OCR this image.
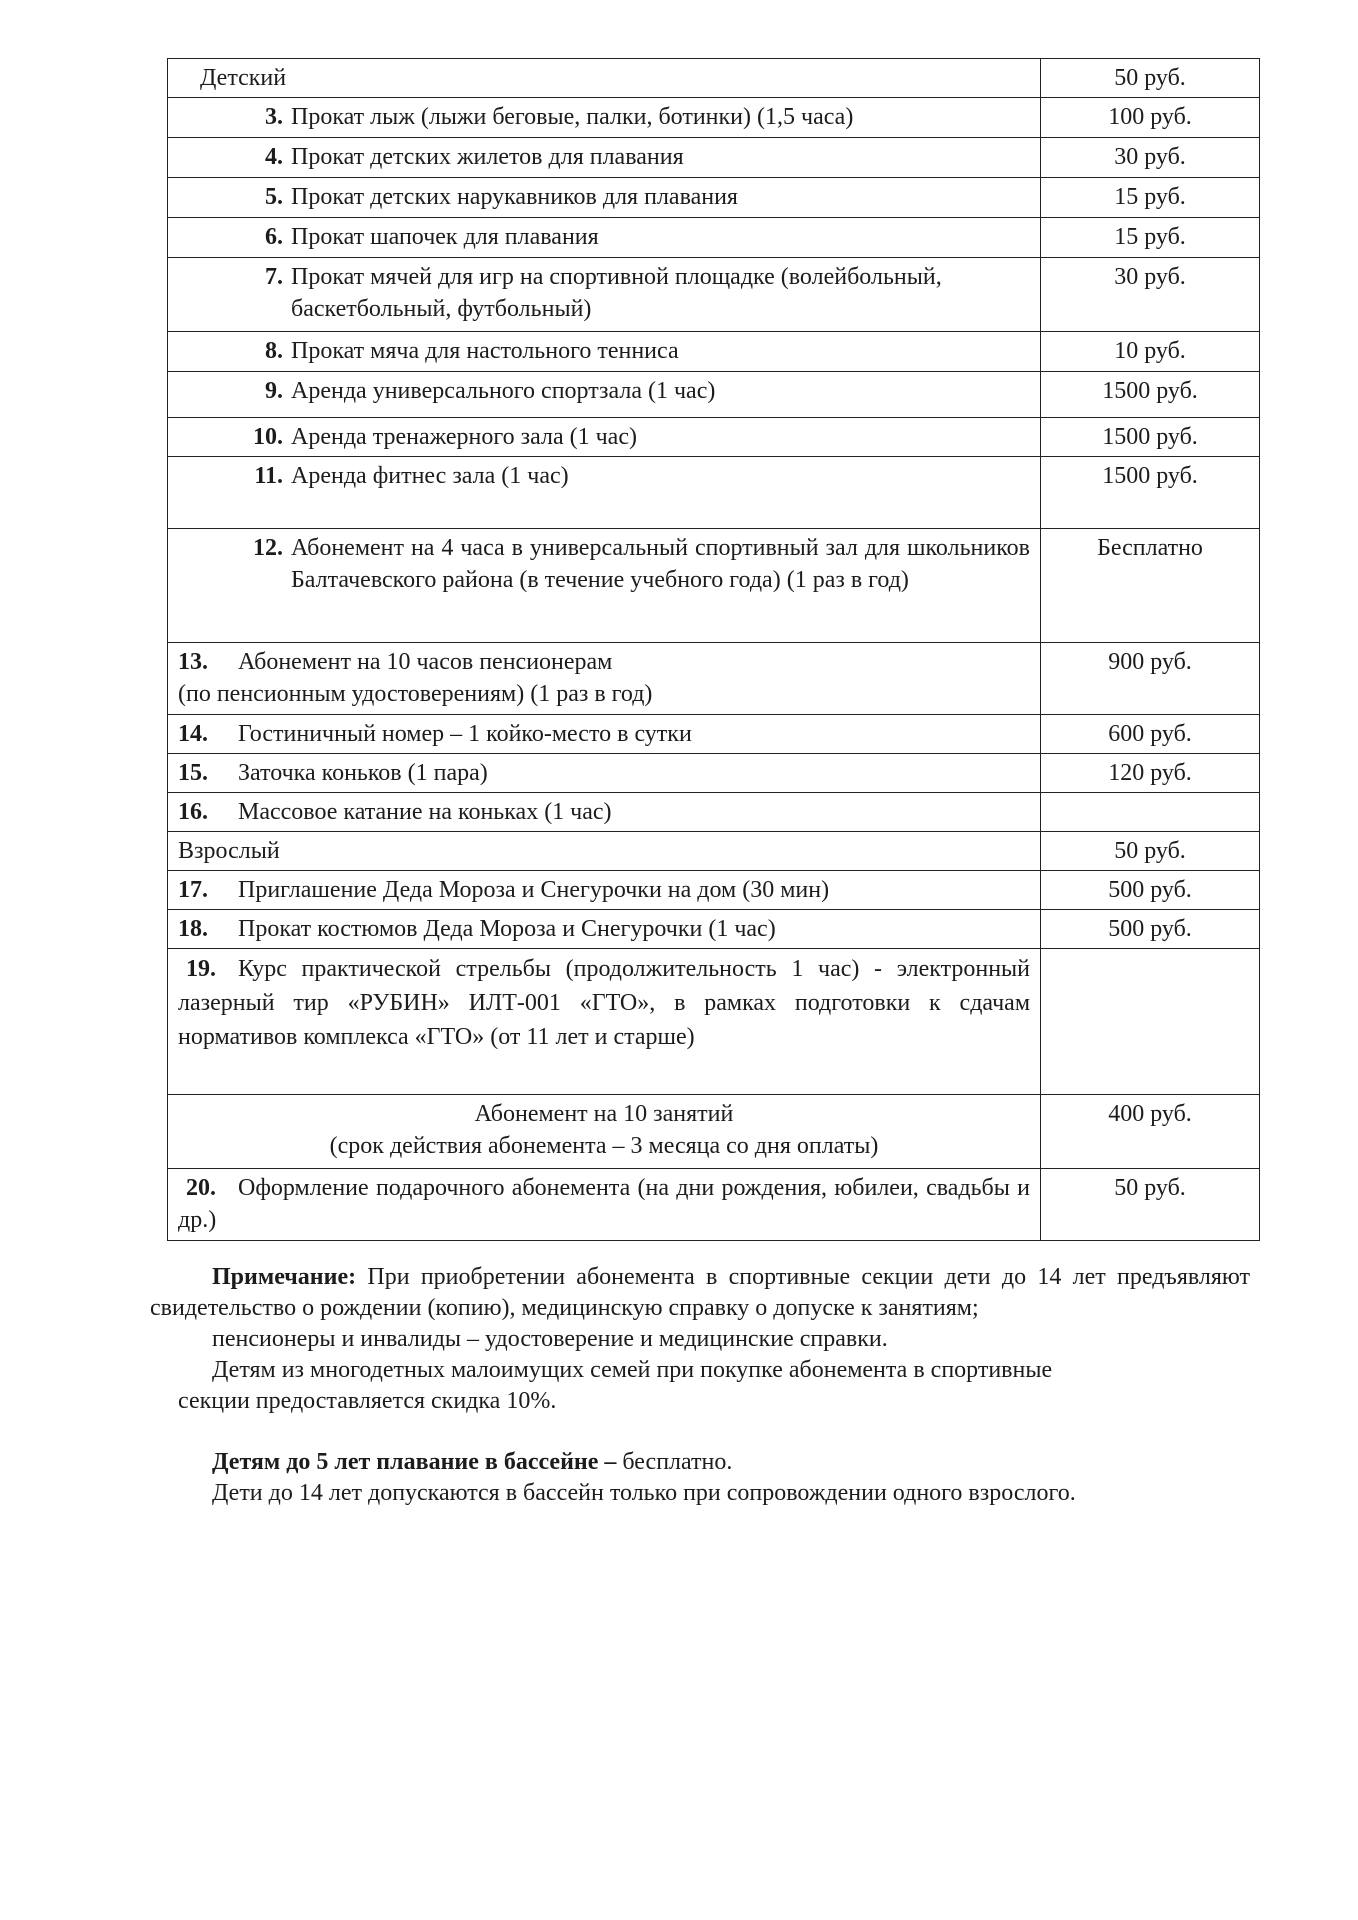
Детский	50 руб.

3. Прокат лыж (лыжи беговые, палки, ботинки) (1,5 часа)	100 руб.

4. Прокат детских жилетов для плавания	30 руб.

5. Прокат детских нарукавников для плавания	15 руб.

6. Прокат шапочек для плавания	15 руб.

7. Прокат мячей для игр на спортивной площадке (волейбольный, баскетбольный, футбольный)	30 руб.

8. Прокат мяча для настольного тенниса	10 руб.

9. Аренда универсального спортзала (1 час)	1500 руб.

10. Аренда тренажерного зала (1 час)	1500 руб.

11. Аренда фитнес зала (1 час)	1500 руб.

12. Абонемент на 4 часа в универсальный спортивный зал для школьников Балтачевского района (в течение учебного года) (1 раз в год)	Бесплатно

13. Абонемент на 10 часов пенсионерам
(по пенсионным удостоверениям) (1 раз в год)	900 руб.

14. Гостиничный номер – 1 койко-место в сутки	600 руб.

15. Заточка коньков (1 пара)	120 руб.

16. Массовое катание на коньках (1 час)	

Взрослый	50 руб.

17. Приглашение Деда Мороза и Снегурочки на дом (30 мин)	500 руб.

18. Прокат костюмов Деда Мороза и Снегурочки (1 час)	500 руб.
19. Курс практической стрельбы (продолжительность 1 час) - электронный лазерный тир «РУБИН» ИЛТ-001 «ГТО», в рамках подготовки к сдачам нормативов комплекса «ГТО» (от 11 лет и старше)	

Абонемент на 10 занятий
(срок действия абонемента – 3 месяца со дня оплаты)	400 руб.
20. Оформление подарочного абонемента (на дни рождения, юбилеи, свадьбы и др.)	50 руб.

Примечание: При приобретении абонемента в спортивные секции дети до 14 лет предъявляют свидетельство о рождении (копию), медицинскую справку о допуске к занятиям;

пенсионеры и инвалиды – удостоверение и медицинские справки.

Детям из многодетных малоимущих семей при покупке абонемента в спортивные

секции предоставляется скидка 10%.

Детям до 5 лет плавание в бассейне – бесплатно.

Дети до 14 лет допускаются в бассейн только при сопровождении одного взрослого.
